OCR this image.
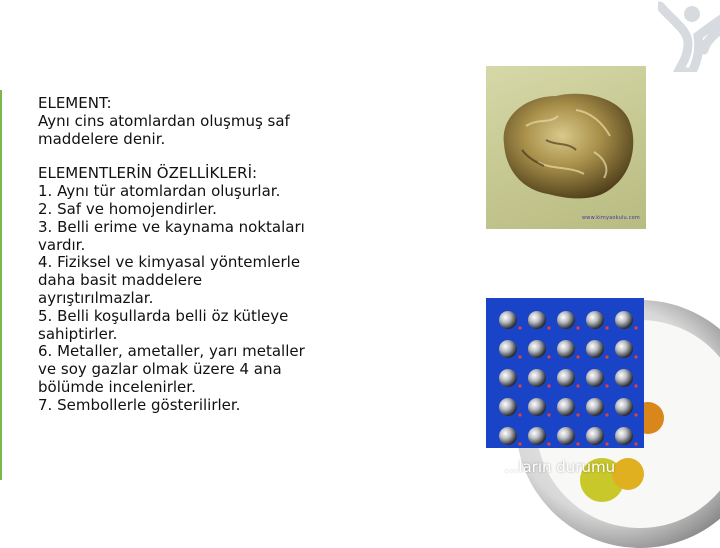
ELEMENT:
Aynı cins atomlardan oluşmuş saf
maddelere denir.
ELEMENTLERİN ÖZELLİKLERİ:
1. Aynı tür atomlardan oluşurlar.
2. Saf ve homojendirler.
3. Belli erime ve kaynama noktaları
vardır.
4. Fiziksel ve kimyasal yöntemlerle
daha basit maddelere
ayrıştırılmazlar.
5. Belli koşullarda belli öz kütleye
sahiptirler.
6. Metaller, ametaller, yarı metaller
ve soy gazlar olmak üzere 4 ana
bölümde incelenirler.
7. Sembollerle gösterilirler.
www.kimyaokulu.com
...ların durumu
